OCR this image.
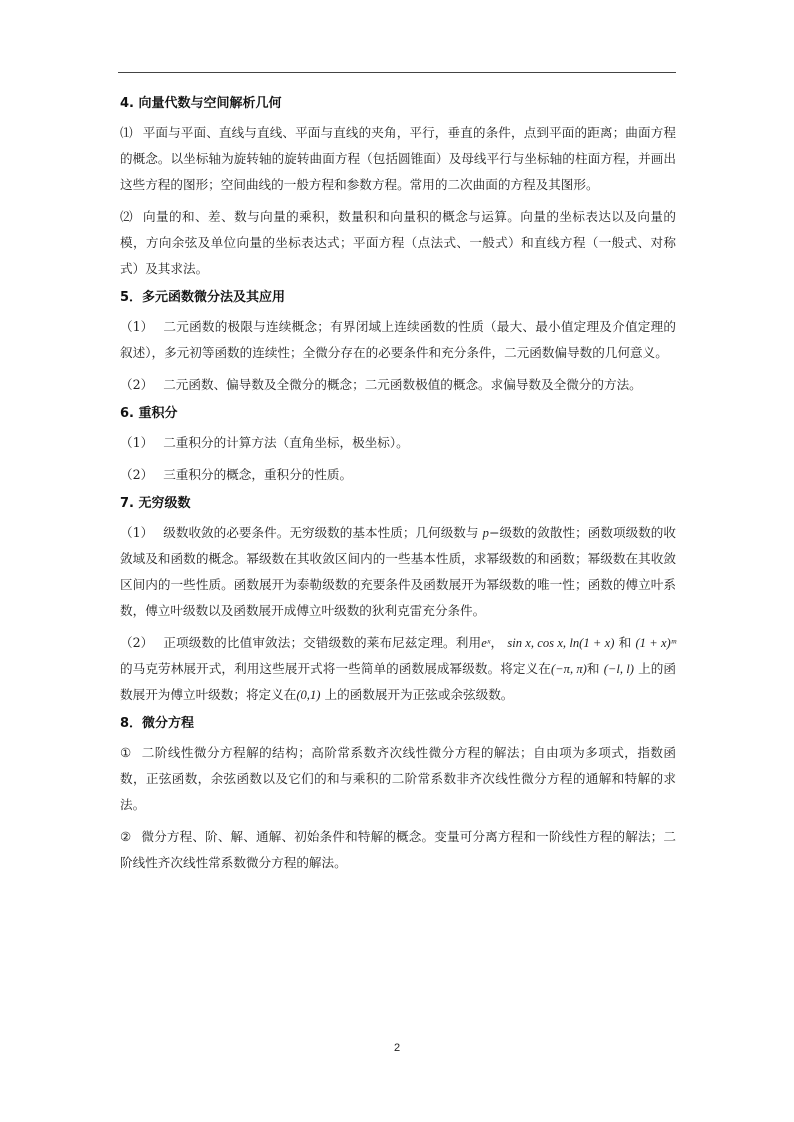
4. 向量代数与空间解析几何

⑴ 平面与平面、直线与直线、平面与直线的夹角，平行，垂直的条件，点到平面的距离；曲面方程的概念。以坐标轴为旋转轴的旋转曲面方程（包括圆锥面）及母线平行与坐标轴的柱面方程，并画出这些方程的图形；空间曲线的一般方程和参数方程。常用的二次曲面的方程及其图形。

⑵ 向量的和、差、数与向量的乘积，数量积和向量积的概念与运算。向量的坐标表达以及向量的模，方向余弦及单位向量的坐标表达式；平面方程（点法式、一般式）和直线方程（一般式、对称式）及其求法。

5．多元函数微分法及其应用

（1） 二元函数的极限与连续概念；有界闭域上连续函数的性质（最大、最小值定理及介值定理的叙述），多元初等函数的连续性；全微分存在的必要条件和充分条件，二元函数偏导数的几何意义。

（2） 二元函数、偏导数及全微分的概念；二元函数极值的概念。求偏导数及全微分的方法。

6. 重积分

（1） 二重积分的计算方法（直角坐标，极坐标）。

（2） 三重积分的概念，重积分的性质。

7. 无穷级数

（1） 级数收敛的必要条件。无穷级数的基本性质；几何级数与 p−级数的敛散性；函数项级数的收敛域及和函数的概念。幂级数在其收敛区间内的一些基本性质，求幂级数的和函数；幂级数在其收敛区间内的一些性质。函数展开为泰勒级数的充要条件及函数展开为幂级数的唯一性；函数的傅立叶系数，傅立叶级数以及函数展开成傅立叶级数的狄利克雷充分条件。

（2） 正项级数的比值审敛法；交错级数的莱布尼兹定理。利用eˣ， sin x, cos x, ln(1 + x) 和 (1 + x)ᵐ的马克劳林展开式，利用这些展开式将一些简单的函数展成幂级数。将定义在(−π, π)和 (−l, l) 上的函数展开为傅立叶级数；将定义在(0,1) 上的函数展开为正弦或余弦级数。

8．微分方程

① 二阶线性微分方程解的结构；高阶常系数齐次线性微分方程的解法；自由项为多项式，指数函数，正弦函数，余弦函数以及它们的和与乘积的二阶常系数非齐次线性微分方程的通解和特解的求法。

② 微分方程、阶、解、通解、初始条件和特解的概念。变量可分离方程和一阶线性方程的解法；二阶线性齐次线性常系数微分方程的解法。

2
